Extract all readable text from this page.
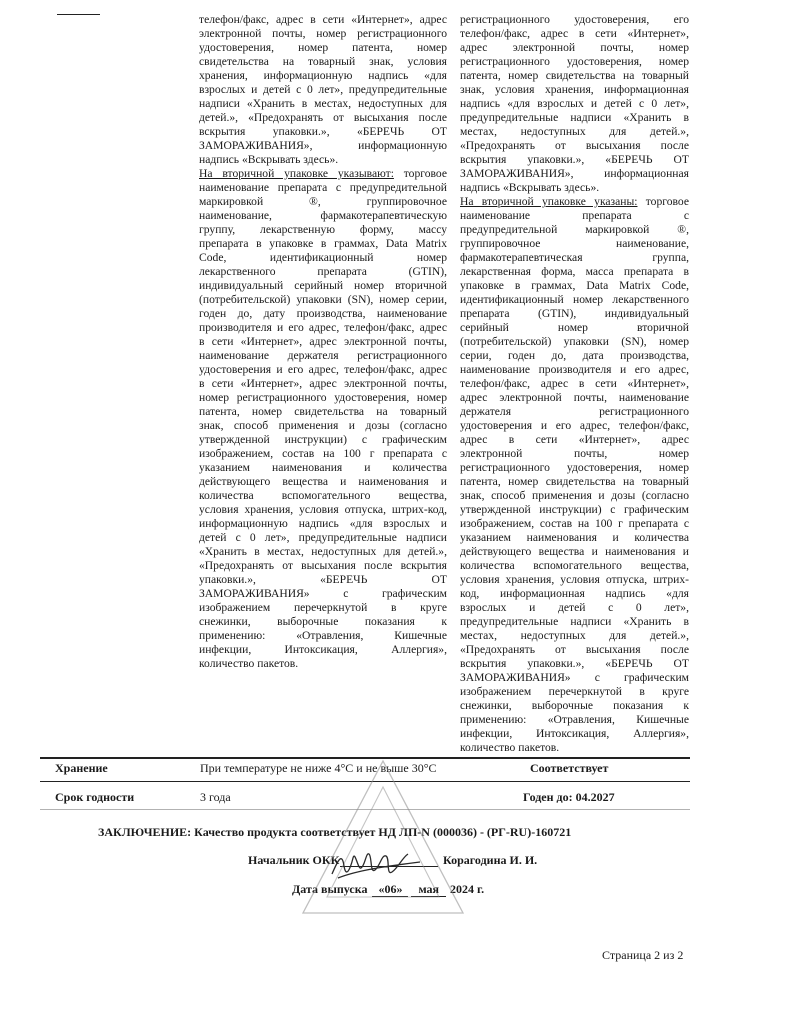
телефон/факс, адрес в сети «Интернет», адрес
электронной почты, номер регистрационного
удостоверения, номер патента, номер
свидетельства на товарный знак, условия
хранения, информационную надпись «для
взрослых и детей с 0 лет», предупредительные
надписи «Хранить в местах, недоступных для
детей.», «Предохранять от высыхания после
вскрытия упаковки.», «БЕРЕЧЬ ОТ
ЗАМОРАЖИВАНИЯ», информационную
надпись «Вскрывать здесь».
На вторичной упаковке указывают: торговое
наименование препарата с предупредительной
маркировкой ®, группировочное
наименование, фармакотерапевтическую
группу, лекарственную форму, массу
препарата в упаковке в граммах, Data Matrix
Code, идентификационный номер
лекарственного препарата (GTIN),
индивидуальный серийный номер вторичной
(потребительской) упаковки (SN), номер серии,
годен до, дату производства, наименование
производителя и его адрес, телефон/факс, адрес
в сети «Интернет», адрес электронной почты,
наименование держателя регистрационного
удостоверения и его адрес, телефон/факс, адрес
в сети «Интернет», адрес электронной почты,
номер регистрационного удостоверения, номер
патента, номер свидетельства на товарный
знак, способ применения и дозы (согласно
утвержденной инструкции) с графическим
изображением, состав на 100 г препарата с
указанием наименования и количества
действующего вещества и наименования и
количества вспомогательного вещества,
условия хранения, условия отпуска, штрих-код,
информационную надпись «для взрослых и
детей с 0 лет», предупредительные надписи
«Хранить в местах, недоступных для детей.»,
«Предохранять от высыхания после вскрытия
упаковки.», «БЕРЕЧЬ ОТ
ЗАМОРАЖИВАНИЯ» с графическим
изображением перечеркнутой в круге
снежинки, выборочные показания к
применению: «Отравления, Кишечные
инфекции, Интоксикация, Аллергия»,
количество пакетов.
регистрационного удостоверения, его
телефон/факс, адрес в сети «Интернет»,
адрес электронной почты, номер
регистрационного удостоверения, номер
патента, номер свидетельства на товарный
знак, условия хранения, информационная
надпись «для взрослых и детей с 0 лет»,
предупредительные надписи «Хранить в
местах, недоступных для детей.»,
«Предохранять от высыхания после
вскрытия упаковки.», «БЕРЕЧЬ ОТ
ЗАМОРАЖИВАНИЯ», информационная
надпись «Вскрывать здесь».
На вторичной упаковке указаны: торговое
наименование препарата с
предупредительной маркировкой ®,
группировочное наименование,
фармакотерапевтическая группа,
лекарственная форма, масса препарата в
упаковке в граммах, Data Matrix Code,
идентификационный номер лекарственного
препарата (GTIN), индивидуальный
серийный номер вторичной
(потребительской) упаковки (SN), номер
серии, годен до, дата производства,
наименование производителя и его адрес,
телефон/факс, адрес в сети «Интернет»,
адрес электронной почты, наименование
держателя регистрационного
удостоверения и его адрес, телефон/факс,
адрес в сети «Интернет», адрес
электронной почты, номер
регистрационного удостоверения, номер
патента, номер свидетельства на товарный
знак, способ применения и дозы (согласно
утвержденной инструкции) с графическим
изображением, состав на 100 г препарата с
указанием наименования и количества
действующего вещества и наименования и
количества вспомогательного вещества,
условия хранения, условия отпуска, штрих-
код, информационная надпись «для
взрослых и детей с 0 лет»,
предупредительные надписи «Хранить в
местах, недоступных для детей.»,
«Предохранять от высыхания после
вскрытия упаковки.», «БЕРЕЧЬ ОТ
ЗАМОРАЖИВАНИЯ» с графическим
изображением перечеркнутой в круге
снежинки, выборочные показания к
применению: «Отравления, Кишечные
инфекции, Интоксикация, Аллергия»,
количество пакетов.
Хранение	При температуре не ниже 4°С и не выше 30°С	Соответствует
Срок годности	3 года	Годен до: 04.2027
ЗАКЛЮЧЕНИЕ: Качество продукта соответствует НД ЛП-N (000036) - (РГ-RU)-160721
Начальник ОКК	Корагодина И. И.
Дата выпуска «06» мая 2024 г.
Страница 2 из 2
